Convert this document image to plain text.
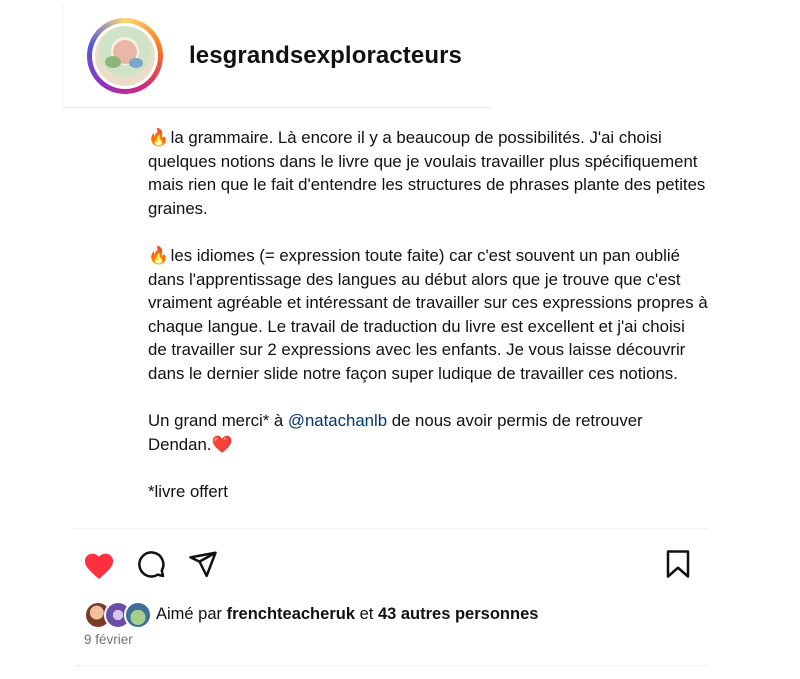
lesgrandsexploracteurs

🔥 la grammaire. Là encore il y a beaucoup de possibilités. J'ai choisi quelques notions dans le livre que je voulais travailler plus spécifiquement mais rien que le fait d'entendre les structures de phrases plante des petites graines.

🔥 les idiomes (= expression toute faite) car c'est souvent un pan oublié dans l'apprentissage des langues au début alors que je trouve que c'est vraiment agréable et intéressant de travailler sur ces expressions propres à chaque langue. Le travail de traduction du livre est excellent et j'ai choisi de travailler sur 2 expressions avec les enfants. Je vous laisse découvrir dans le dernier slide notre façon super ludique de travailler ces notions.

Un grand merci* à @natachanlb de nous avoir permis de retrouver Dendan.❤️

*livre offert

Aimé par frenchteacheruk et 43 autres personnes
9 février
